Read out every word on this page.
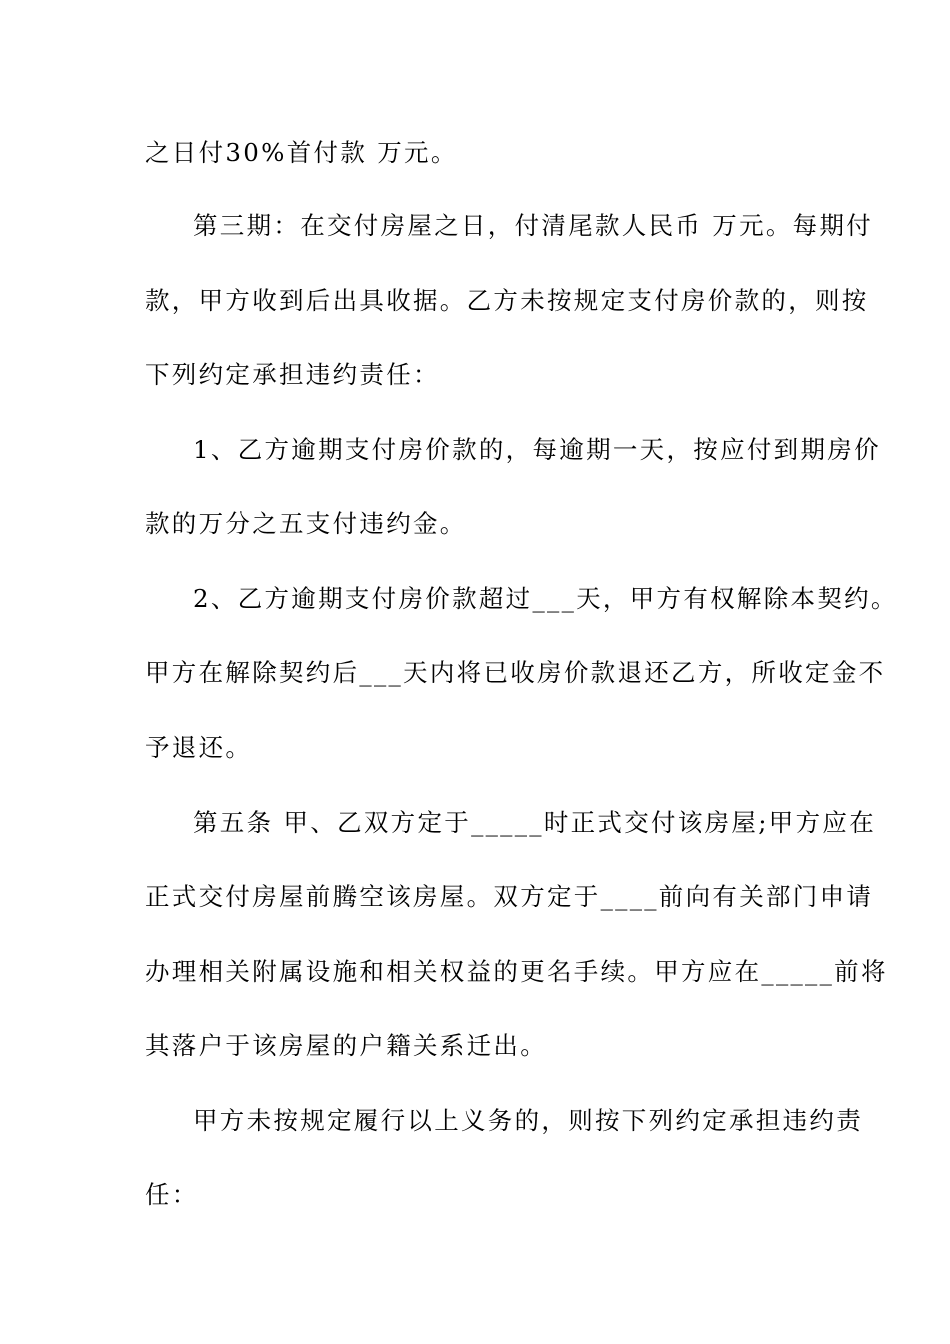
之日付30%首付款 万元。
第三期：在交付房屋之日，付清尾款人民币 万元。每期付
款，甲方收到后出具收据。乙方未按规定支付房价款的，则按
下列约定承担违约责任：
1、乙方逾期支付房价款的，每逾期一天，按应付到期房价
款的万分之五支付违约金。
2、乙方逾期支付房价款超过___天，甲方有权解除本契约。
甲方在解除契约后___天内将已收房价款退还乙方，所收定金不
予退还。
第五条 甲、乙双方定于_____时正式交付该房屋;甲方应在
正式交付房屋前腾空该房屋。双方定于____前向有关部门申请
办理相关附属设施和相关权益的更名手续。甲方应在_____前将
其落户于该房屋的户籍关系迁出。
甲方未按规定履行以上义务的，则按下列约定承担违约责
任：
